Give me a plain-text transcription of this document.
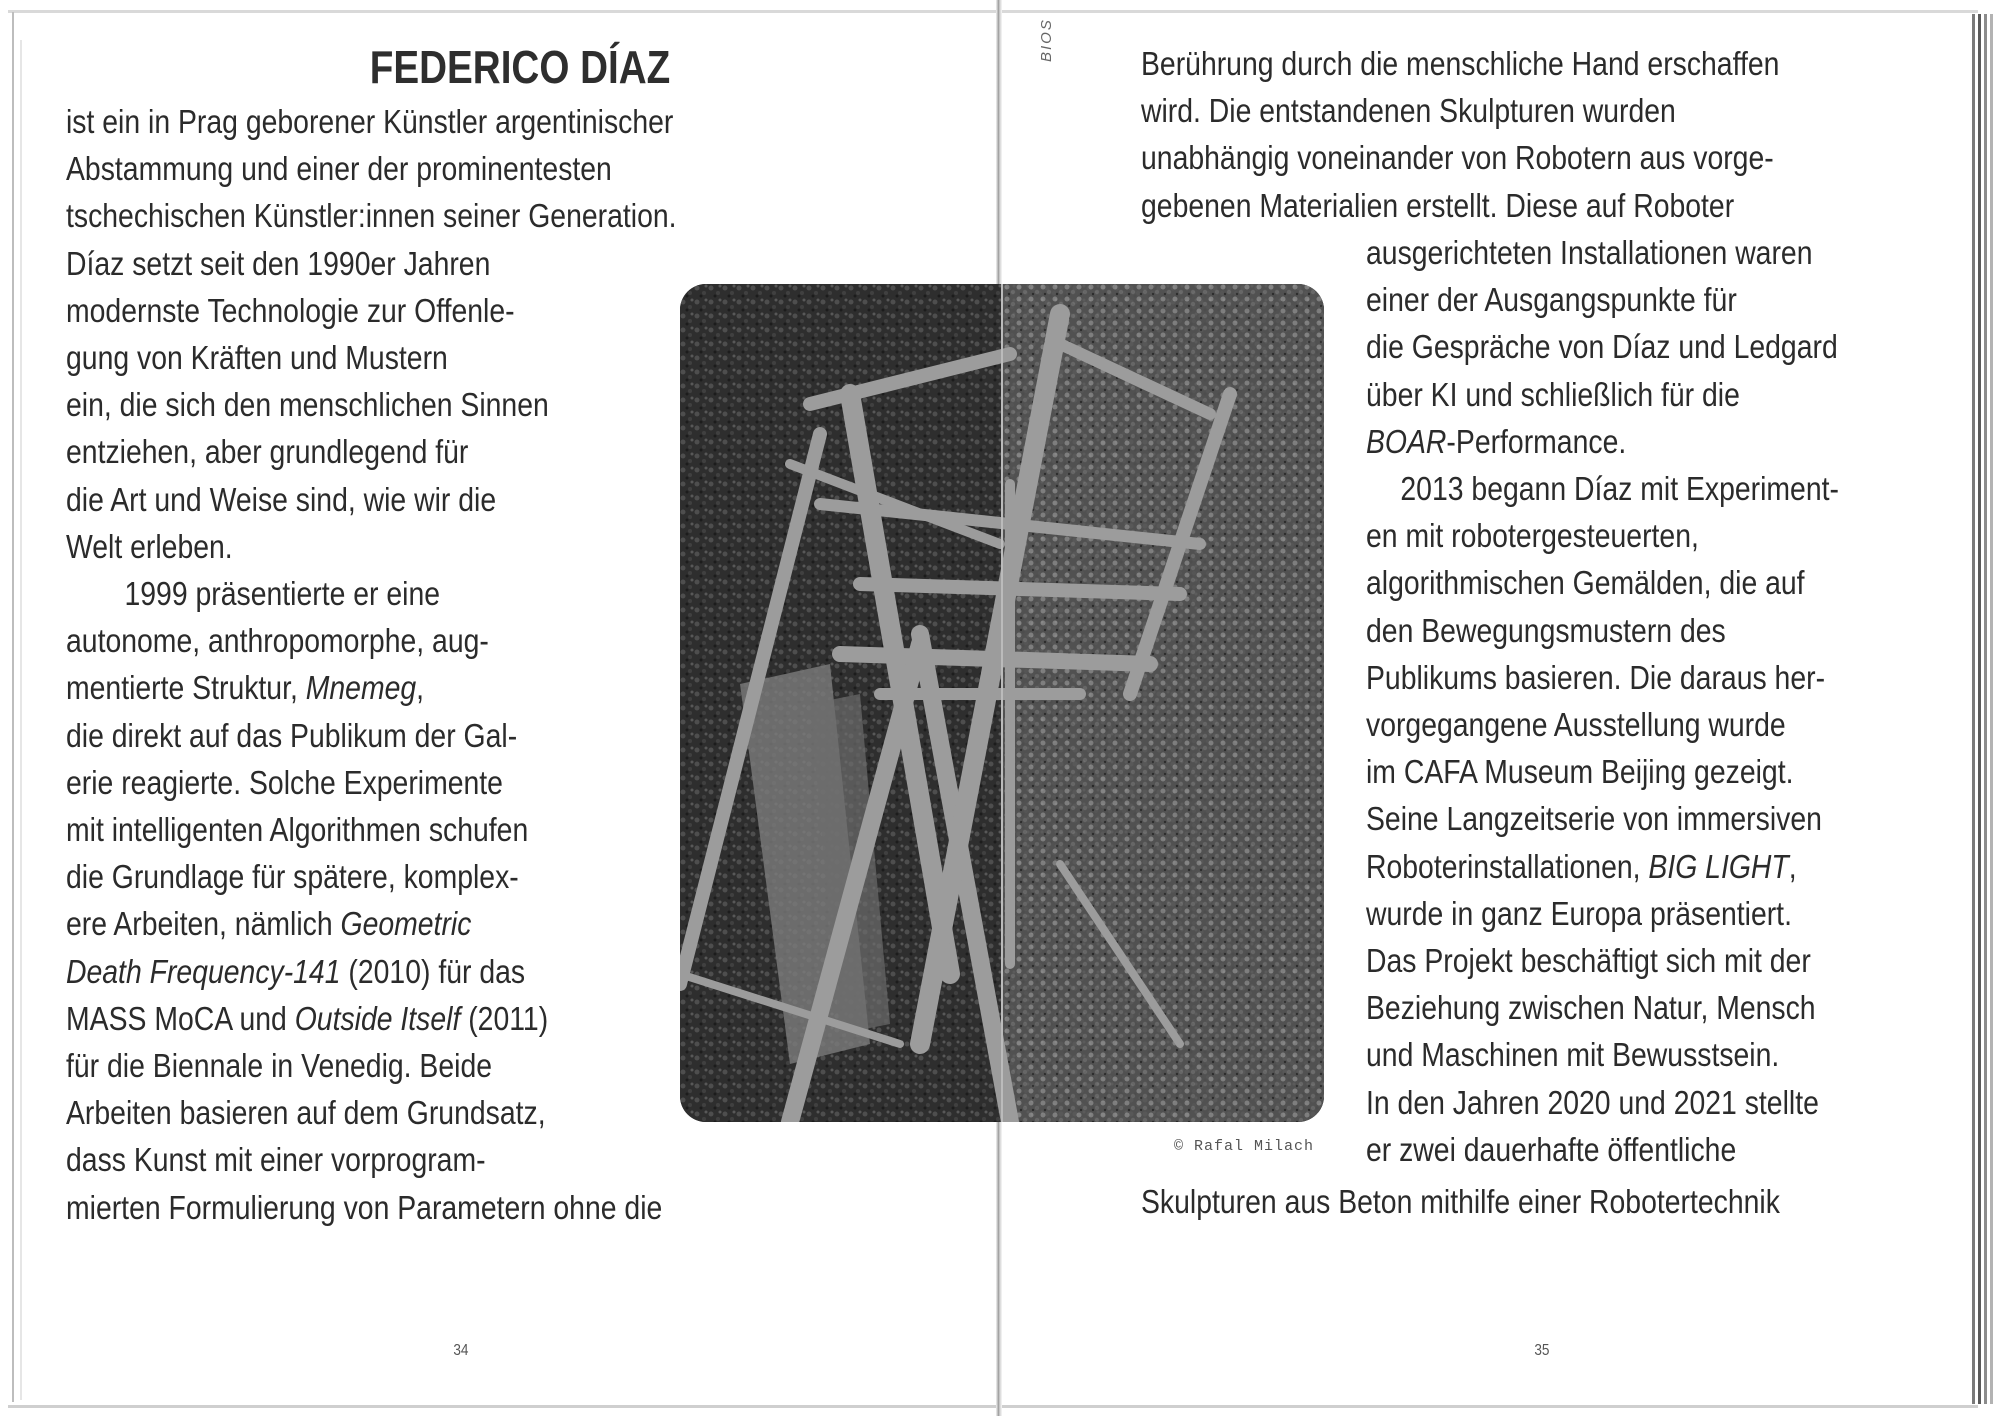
FEDERICO DÍAZ
ist ein in Prag geborener Künstler argentinischer
Abstammung und einer der prominentesten
tschechischen Künstler:innen seiner Generation.
Díaz setzt seit den 1990er Jahren
modernste Technologie zur Offenle-
gung von Kräften und Mustern
ein, die sich den menschlichen Sinnen
entziehen, aber grundlegend für
die Art und Weise sind, wie wir die
Welt erleben.
1999 präsentierte er eine
autonome, anthropomorphe, aug-
mentierte Struktur, Mnemeg,
die direkt auf das Publikum der Gal-
erie reagierte. Solche Experimente
mit intelligenten Algorithmen schufen
die Grundlage für spätere, komplex-
ere Arbeiten, nämlich Geometric
Death Frequency-141 (2010) für das
MASS MoCA und Outside Itself (2011)
für die Biennale in Venedig. Beide
Arbeiten basieren auf dem Grundsatz,
dass Kunst mit einer vorprogram-
mierten Formulierung von Parametern ohne die
34
BIOS
Berührung durch die menschliche Hand erschaffen
wird. Die entstandenen Skulpturen wurden
unabhängig voneinander von Robotern aus vorge-
gebenen Materialien erstellt. Diese auf Roboter
ausgerichteten Installationen waren
einer der Ausgangspunkte für
die Gespräche von Díaz und Ledgard
über KI und schließlich für die
BOAR-Performance.
2013 begann Díaz mit Experiment-
en mit robotergesteuerten,
algorithmischen Gemälden, die auf
den Bewegungsmustern des
Publikums basieren. Die daraus her-
vorgegangene Ausstellung wurde
im CAFA Museum Beijing gezeigt.
Seine Langzeitserie von immersiven
Roboterinstallationen, BIG LIGHT,
wurde in ganz Europa präsentiert.
Das Projekt beschäftigt sich mit der
Beziehung zwischen Natur, Mensch
und Maschinen mit Bewusstsein.
In den Jahren 2020 und 2021 stellte
er zwei dauerhafte öffentliche
Skulpturen aus Beton mithilfe einer Robotertechnik
© Rafal Milach
35
